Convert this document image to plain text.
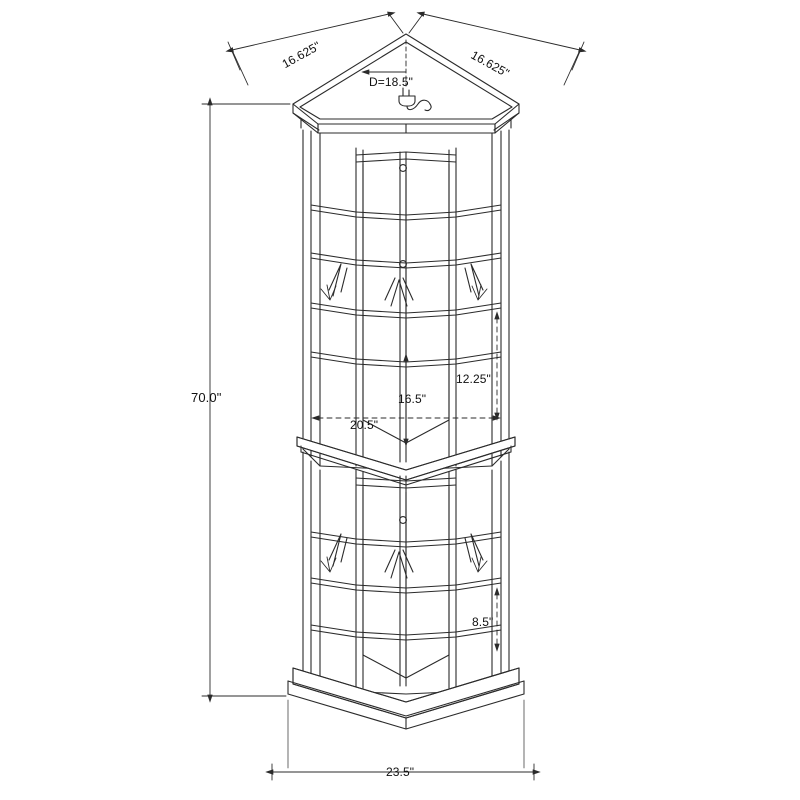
16.625"	16.625"
D=18.5"
70.0"
12.25"
16.5"
20.5"
8.5"
23.5"
